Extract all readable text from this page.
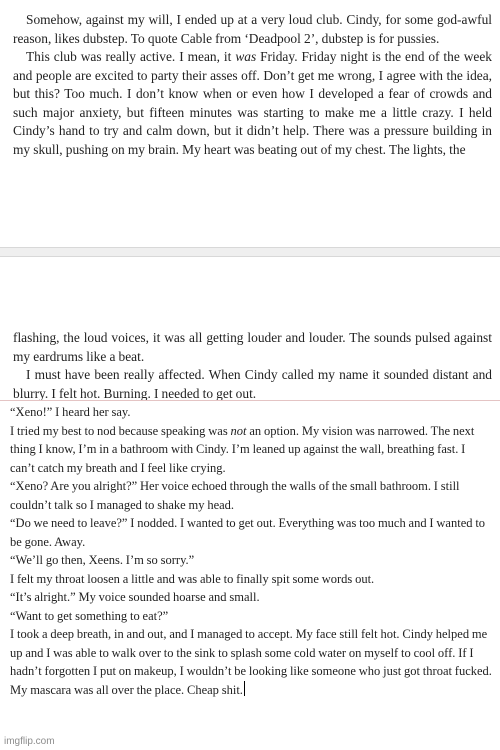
Somehow, against my will, I ended up at a very loud club. Cindy, for some god-awful reason, likes dubstep. To quote Cable from ‘Deadpool 2’, dubstep is for pussies.

This club was really active. I mean, it was Friday. Friday night is the end of the week and people are excited to party their asses off. Don’t get me wrong, I agree with the idea, but this? Too much. I don’t know when or even how I developed a fear of crowds and such major anxiety, but fifteen minutes was starting to make me a little crazy. I held Cindy’s hand to try and calm down, but it didn’t help. There was a pressure building in my skull, pushing on my brain. My heart was beating out of my chest. The lights, the

flashing, the loud voices, it was all getting louder and louder. The sounds pulsed against my eardrums like a beat.

I must have been really affected. When Cindy called my name it sounded distant and blurry. I felt hot. Burning. I needed to get out.

“Xeno!” I heard her say.

I tried my best to nod because speaking was not an option. My vision was narrowed. The next thing I know, I’m in a bathroom with Cindy. I’m leaned up against the wall, breathing fast. I can’t catch my breath and I feel like crying.

“Xeno? Are you alright?” Her voice echoed through the walls of the small bathroom. I still couldn’t talk so I managed to shake my head.

“Do we need to leave?” I nodded. I wanted to get out. Everything was too much and I wanted to be gone. Away.

“We’ll go then, Xeens. I’m so sorry.”

I felt my throat loosen a little and was able to finally spit some words out.

“It’s alright.” My voice sounded hoarse and small.

“Want to get something to eat?”

I took a deep breath, in and out, and I managed to accept. My face still felt hot. Cindy helped me up and I was able to walk over to the sink to splash some cold water on myself to cool off. If I hadn’t forgotten I put on makeup, I wouldn’t be looking like someone who just got throat fucked. My mascara was all over the place. Cheap shit.

imgflip.com
